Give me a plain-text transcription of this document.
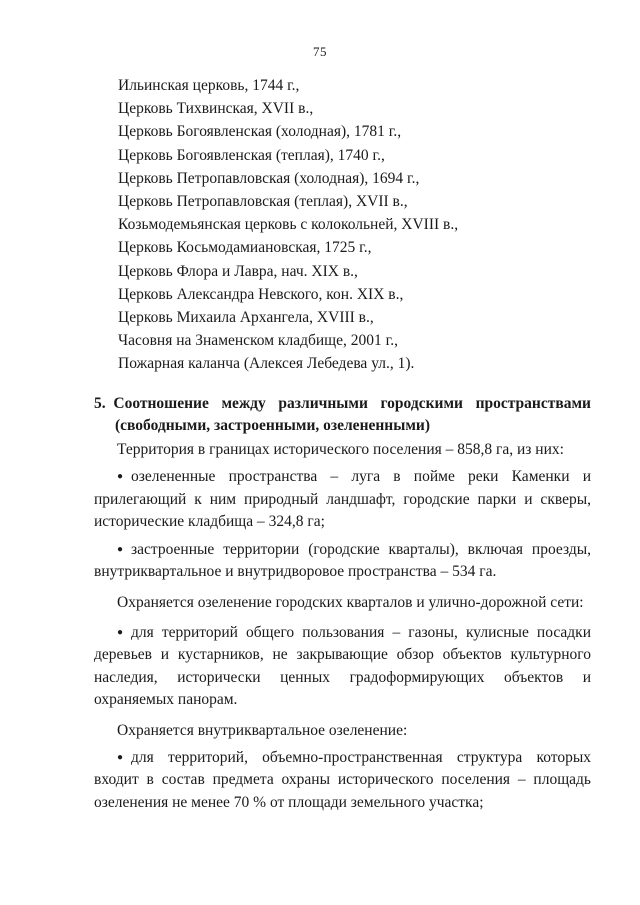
75
Ильинская церковь, 1744 г.,
Церковь Тихвинская, XVII в.,
Церковь Богоявленская (холодная), 1781 г.,
Церковь Богоявленская (теплая), 1740 г.,
Церковь Петропавловская (холодная), 1694 г.,
Церковь Петропавловская (теплая), XVII в.,
Козьмодемьянская церковь с колокольней, XVIII в.,
Церковь Косьмодамиановская, 1725 г.,
Церковь Флора и Лавра, нач. XIX в.,
Церковь Александра Невского, кон. XIX в.,
Церковь Михаила Архангела, XVIII в.,
Часовня на Знаменском кладбище, 2001 г.,
Пожарная каланча (Алексея Лебедева ул., 1).
5. Соотношение между различными городскими пространствами
(свободными, застроенными, озелененными)

Территория в границах исторического поселения – 858,8 га, из них:

● озелененные пространства – луга в пойме реки Каменки и прилегающий к ним природный ландшафт, городские парки и скверы, исторические кладбища – 324,8 га;

● застроенные территории (городские кварталы), включая проезды, внутриквартальное и внутридворовое пространства – 534 га.

Охраняется озеленение городских кварталов и улично-дорожной сети:

● для территорий общего пользования – газоны, кулисные посадки деревьев и кустарников, не закрывающие обзор объектов культурного наследия, исторически ценных градоформирующих объектов и охраняемых панорам.

Охраняется внутриквартальное озеленение:

● для территорий, объемно-пространственная структура которых входит в состав предмета охраны исторического поселения – площадь озеленения не менее 70 % от площади земельного участка;
